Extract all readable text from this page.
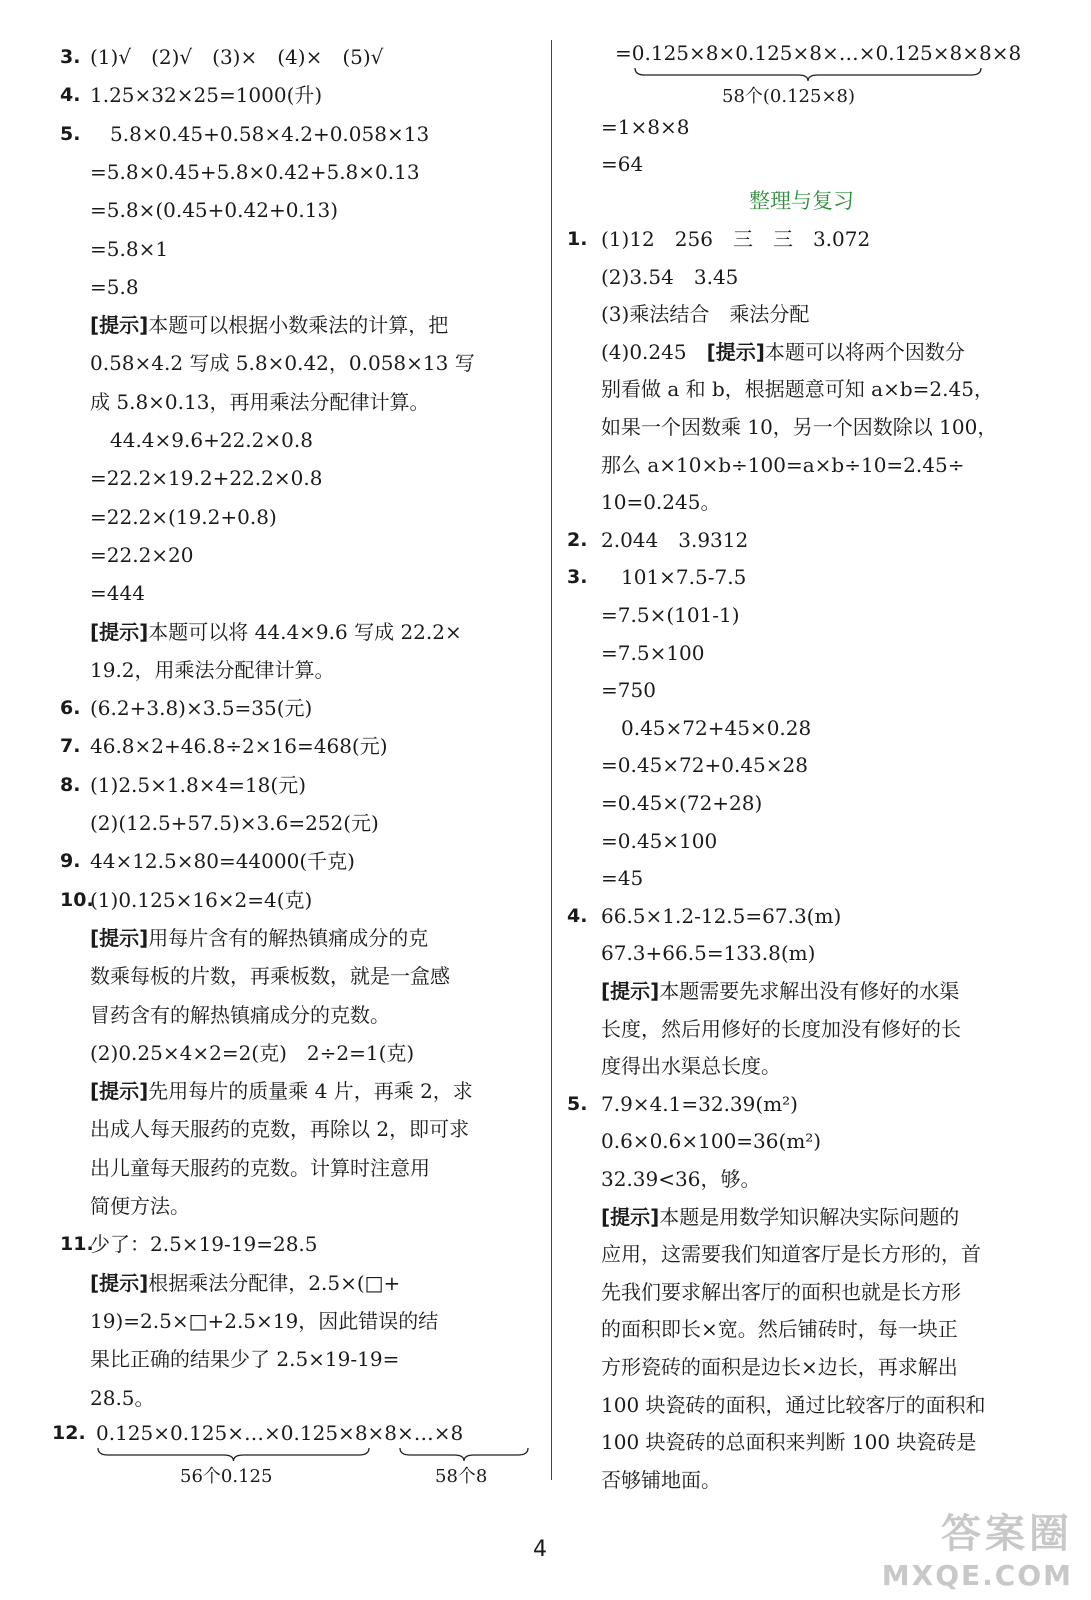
3. (1)√　(2)√　(3)×　(4)×　(5)√
4. 1.25×32×25=1000(升)
5. 　5.8×0.45+0.58×4.2+0.058×13
=5.8×0.45+5.8×0.42+5.8×0.13
=5.8×(0.45+0.42+0.13)
=5.8×1
=5.8
[提示]本题可以根据小数乘法的计算，把
0.58×4.2 写成 5.8×0.42，0.058×13 写
成 5.8×0.13，再用乘法分配律计算。
　44.4×9.6+22.2×0.8
=22.2×19.2+22.2×0.8
=22.2×(19.2+0.8)
=22.2×20
=444
[提示]本题可以将 44.4×9.6 写成 22.2×
19.2，用乘法分配律计算。
6. (6.2+3.8)×3.5=35(元)
7. 46.8×2+46.8÷2×16=468(元)
8. (1)2.5×1.8×4=18(元)
(2)(12.5+57.5)×3.6=252(元)
9. 44×12.5×80=44000(千克)
10.
(1)0.125×16×2=4(克)
[提示]用每片含有的解热镇痛成分的克
数乘每板的片数，再乘板数，就是一盒感
冒药含有的解热镇痛成分的克数。
(2)0.25×4×2=2(克)　2÷2=1(克)
[提示]先用每片的质量乘 4 片，再乘 2，求
出成人每天服药的克数，再除以 2，即可求
出儿童每天服药的克数。计算时注意用
简便方法。
11.
少了：2.5×19-19=28.5
[提示]根据乘法分配律，2.5×(□+
19)=2.5×□+2.5×19，因此错误的结
果比正确的结果少了 2.5×19-19=
28.5。
12. 0.125×0.125×…×0.125×8×8×…×8
56个0.125	58个8
=0.125×8×0.125×8×…×0.125×8×8×8
58个(0.125×8)
=1×8×8
=64
整理与复习
1. (1)12　256　三　三　3.072
(2)3.54　3.45
(3)乘法结合　乘法分配
(4)0.245　[提示]本题可以将两个因数分
别看做 a 和 b，根据题意可知 a×b=2.45，
如果一个因数乘 10，另一个因数除以 100，
那么 a×10×b÷100=a×b÷10=2.45÷
10=0.245。
2. 2.044　3.9312
3. 　101×7.5-7.5
=7.5×(101-1)
=7.5×100
=750
　0.45×72+45×0.28
=0.45×72+0.45×28
=0.45×(72+28)
=0.45×100
=45
4. 66.5×1.2-12.5=67.3(m)
67.3+66.5=133.8(m)
[提示]本题需要先求解出没有修好的水渠
长度，然后用修好的长度加没有修好的长
度得出水渠总长度。
5. 7.9×4.1=32.39(m²)
0.6×0.6×100=36(m²)
32.39<36，够。
[提示]本题是用数学知识解决实际问题的
应用，这需要我们知道客厅是长方形的，首
先我们要求解出客厅的面积也就是长方形
的面积即长×宽。然后铺砖时，每一块正
方形瓷砖的面积是边长×边长，再求解出
100 块瓷砖的面积，通过比较客厅的面积和
100 块瓷砖的总面积来判断 100 块瓷砖是
否够铺地面。
4	答案圈
MXQE.COM
